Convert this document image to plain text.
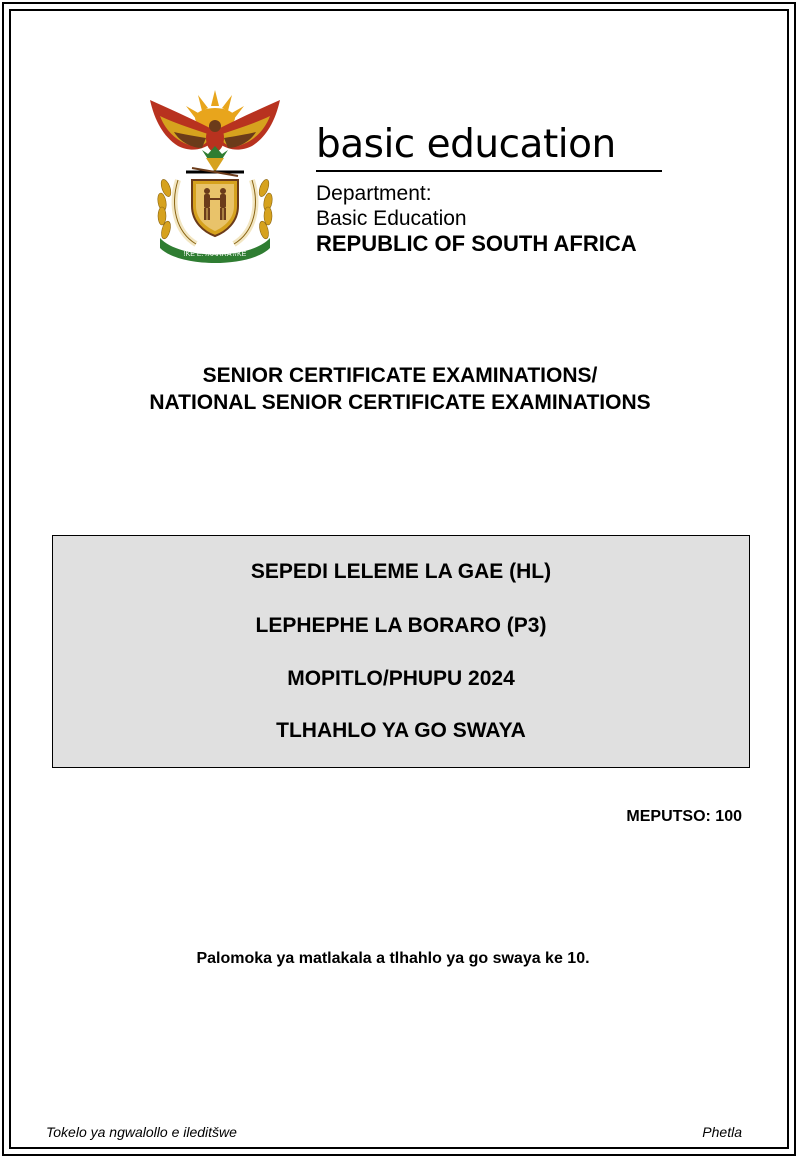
!KE E: /XARRA //KE
basic education
Department:
Basic Education
REPUBLIC OF SOUTH AFRICA
SENIOR CERTIFICATE EXAMINATIONS/
NATIONAL SENIOR CERTIFICATE EXAMINATIONS
SEPEDI LELEME LA GAE (HL)
LEPHEPHE LA BORARO (P3)
MOPITLO/PHUPU 2024
TLHAHLO YA GO SWAYA
MEPUTSO: 100
Palomoka ya matlakala a tlhahlo ya go swaya ke 10.
Tokelo ya ngwalollo e ileditšwe	Phetla
